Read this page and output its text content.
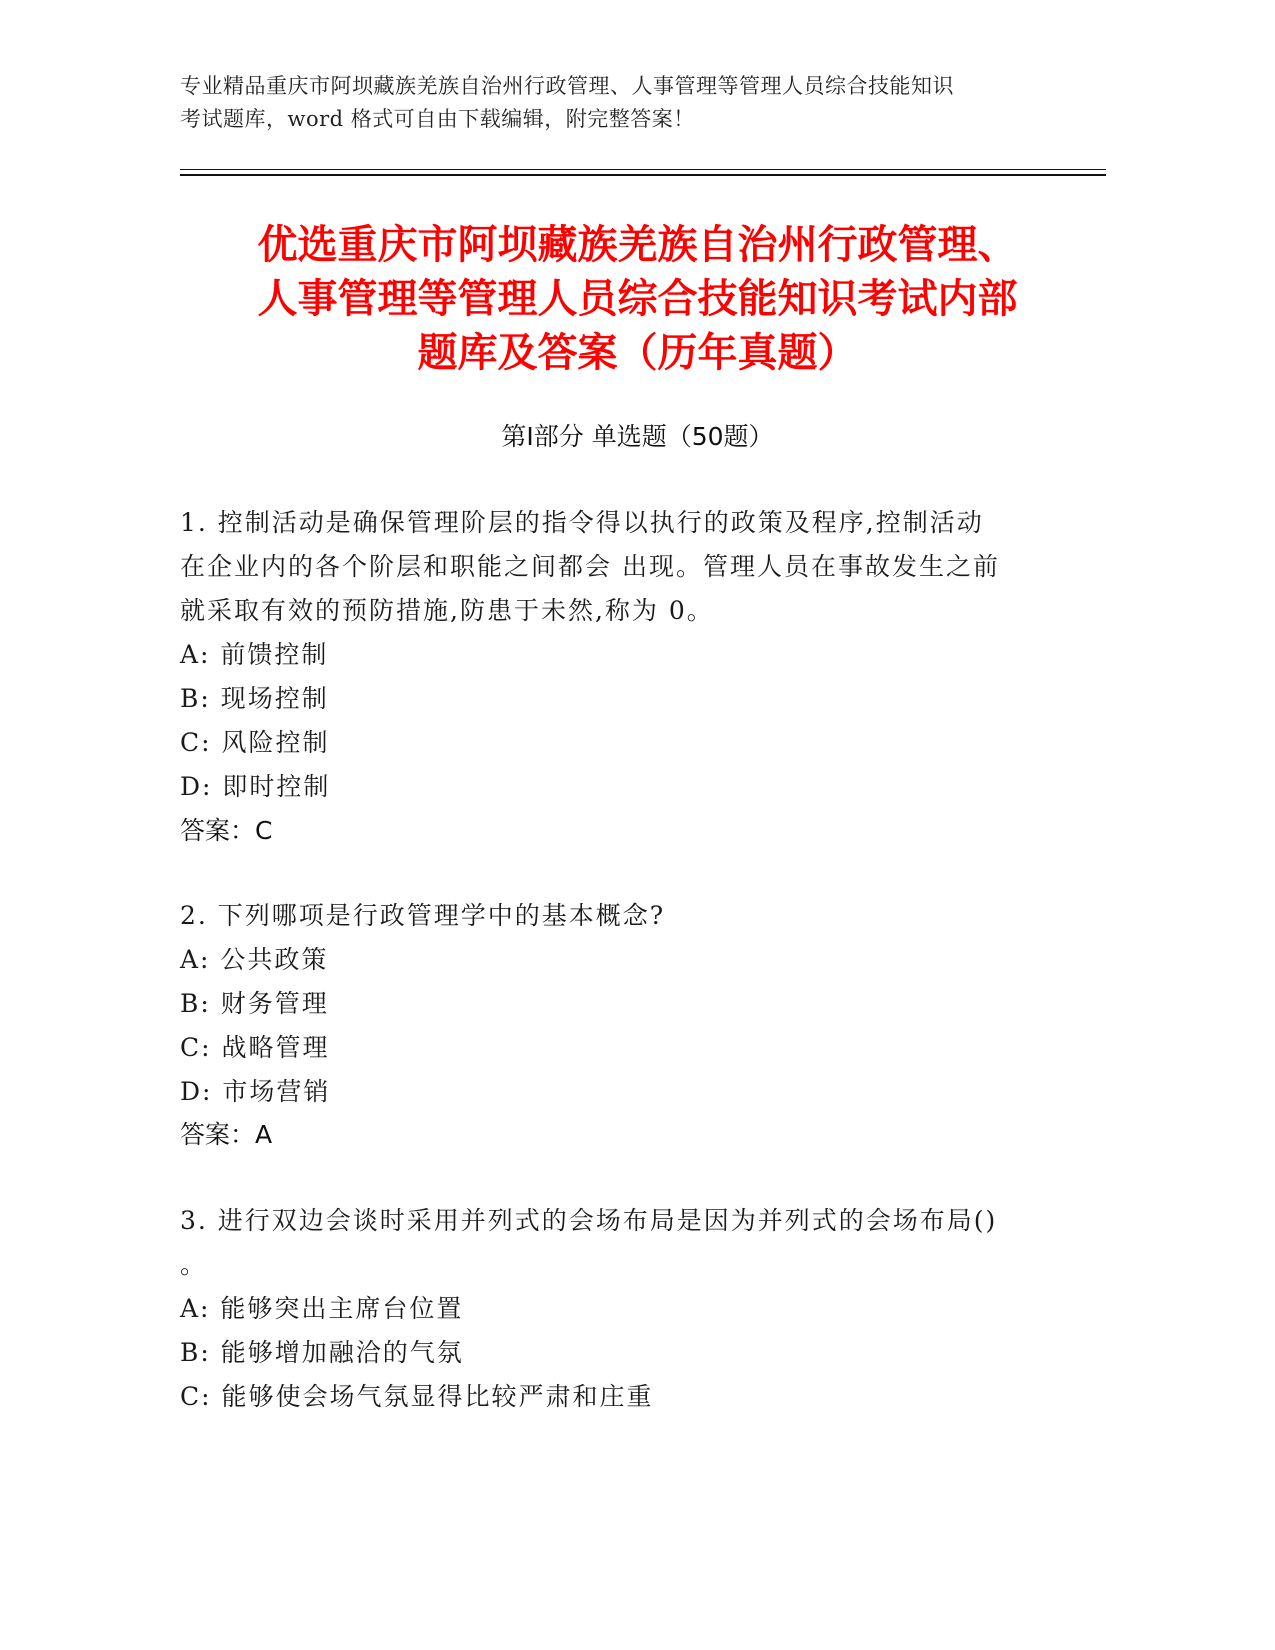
专业精品重庆市阿坝藏族羌族自治州行政管理、人事管理等管理人员综合技能知识
考试题库，word 格式可自由下载编辑，附完整答案！
优选重庆市阿坝藏族羌族自治州行政管理、
人事管理等管理人员综合技能知识考试内部
题库及答案（历年真题）
第Ⅰ部分 单选题（50题）
1. 控制活动是确保管理阶层的指令得以执行的政策及程序,控制活动
在企业内的各个阶层和职能之间都会 出现。管理人员在事故发生之前
就采取有效的预防措施,防患于未然,称为 0。
A: 前馈控制
B: 现场控制
C: 风险控制
D: 即时控制
答案：C
2. 下列哪项是行政管理学中的基本概念?
A: 公共政策
B: 财务管理
C: 战略管理
D: 市场营销
答案：A
3. 进行双边会谈时采用并列式的会场布局是因为并列式的会场布局()
。
A: 能够突出主席台位置
B: 能够增加融洽的气氛
C: 能够使会场气氛显得比较严肃和庄重
